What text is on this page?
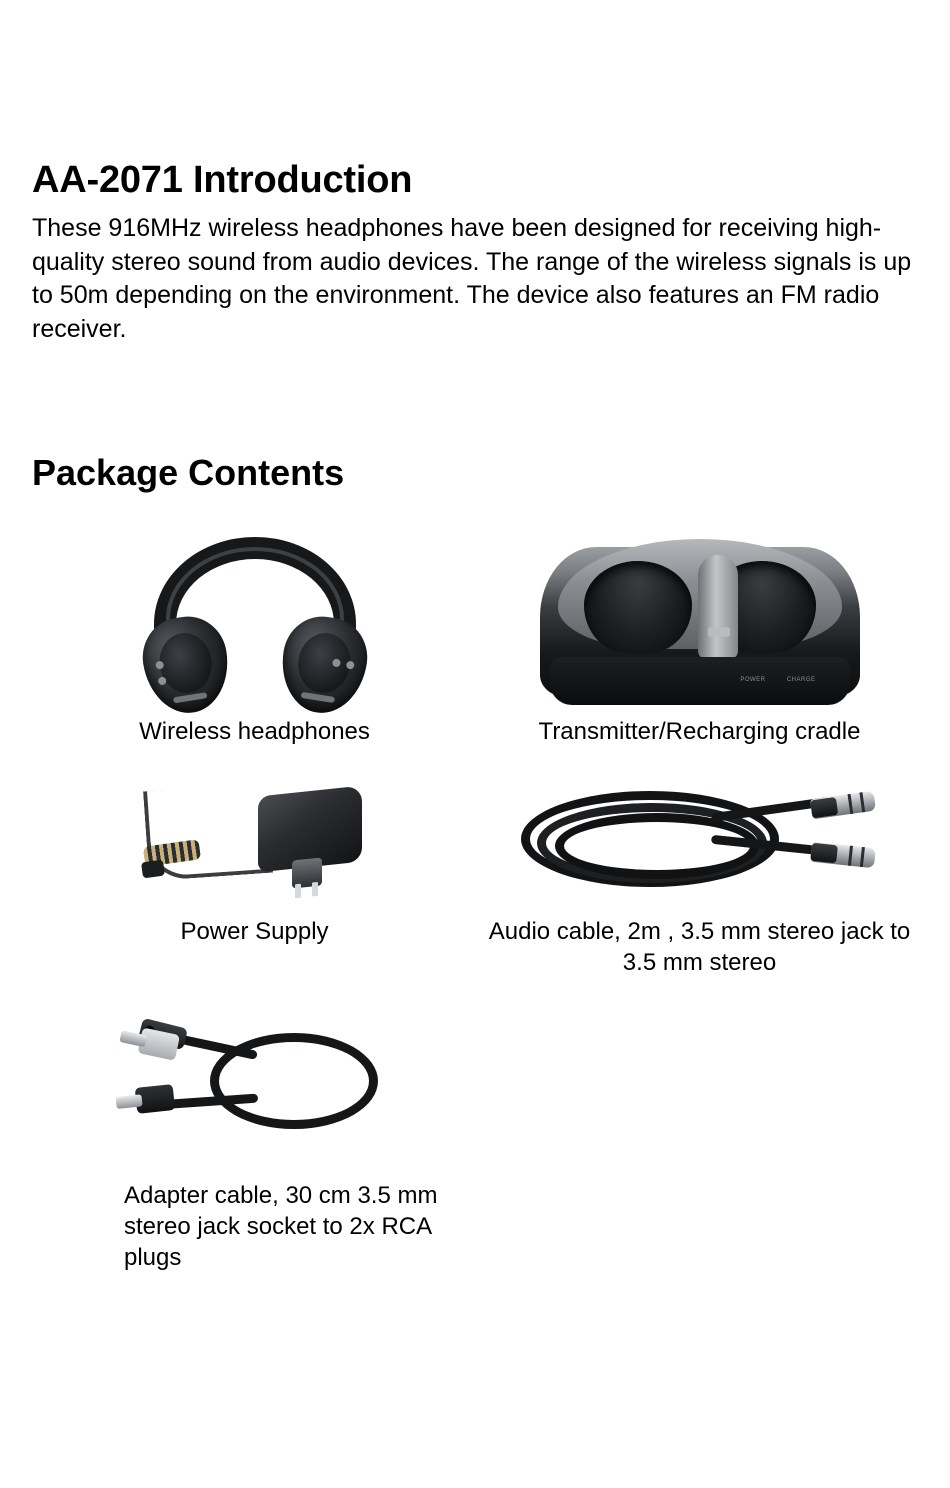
AA-2071 Introduction

These 916MHz wireless headphones have been designed for receiving high-quality stereo sound from audio devices. The range of the wireless signals is up to 50m depending on the environment. The device also features an FM radio receiver.

Package Contents
Wireless headphones
POWER	CHARGE
Transmitter/Recharging cradle
Power Supply	Audio cable, 2m , 3.5 mm stereo jack to 3.5 mm stereo
Adapter cable, 30 cm 3.5 mm stereo jack socket to 2x RCA plugs
